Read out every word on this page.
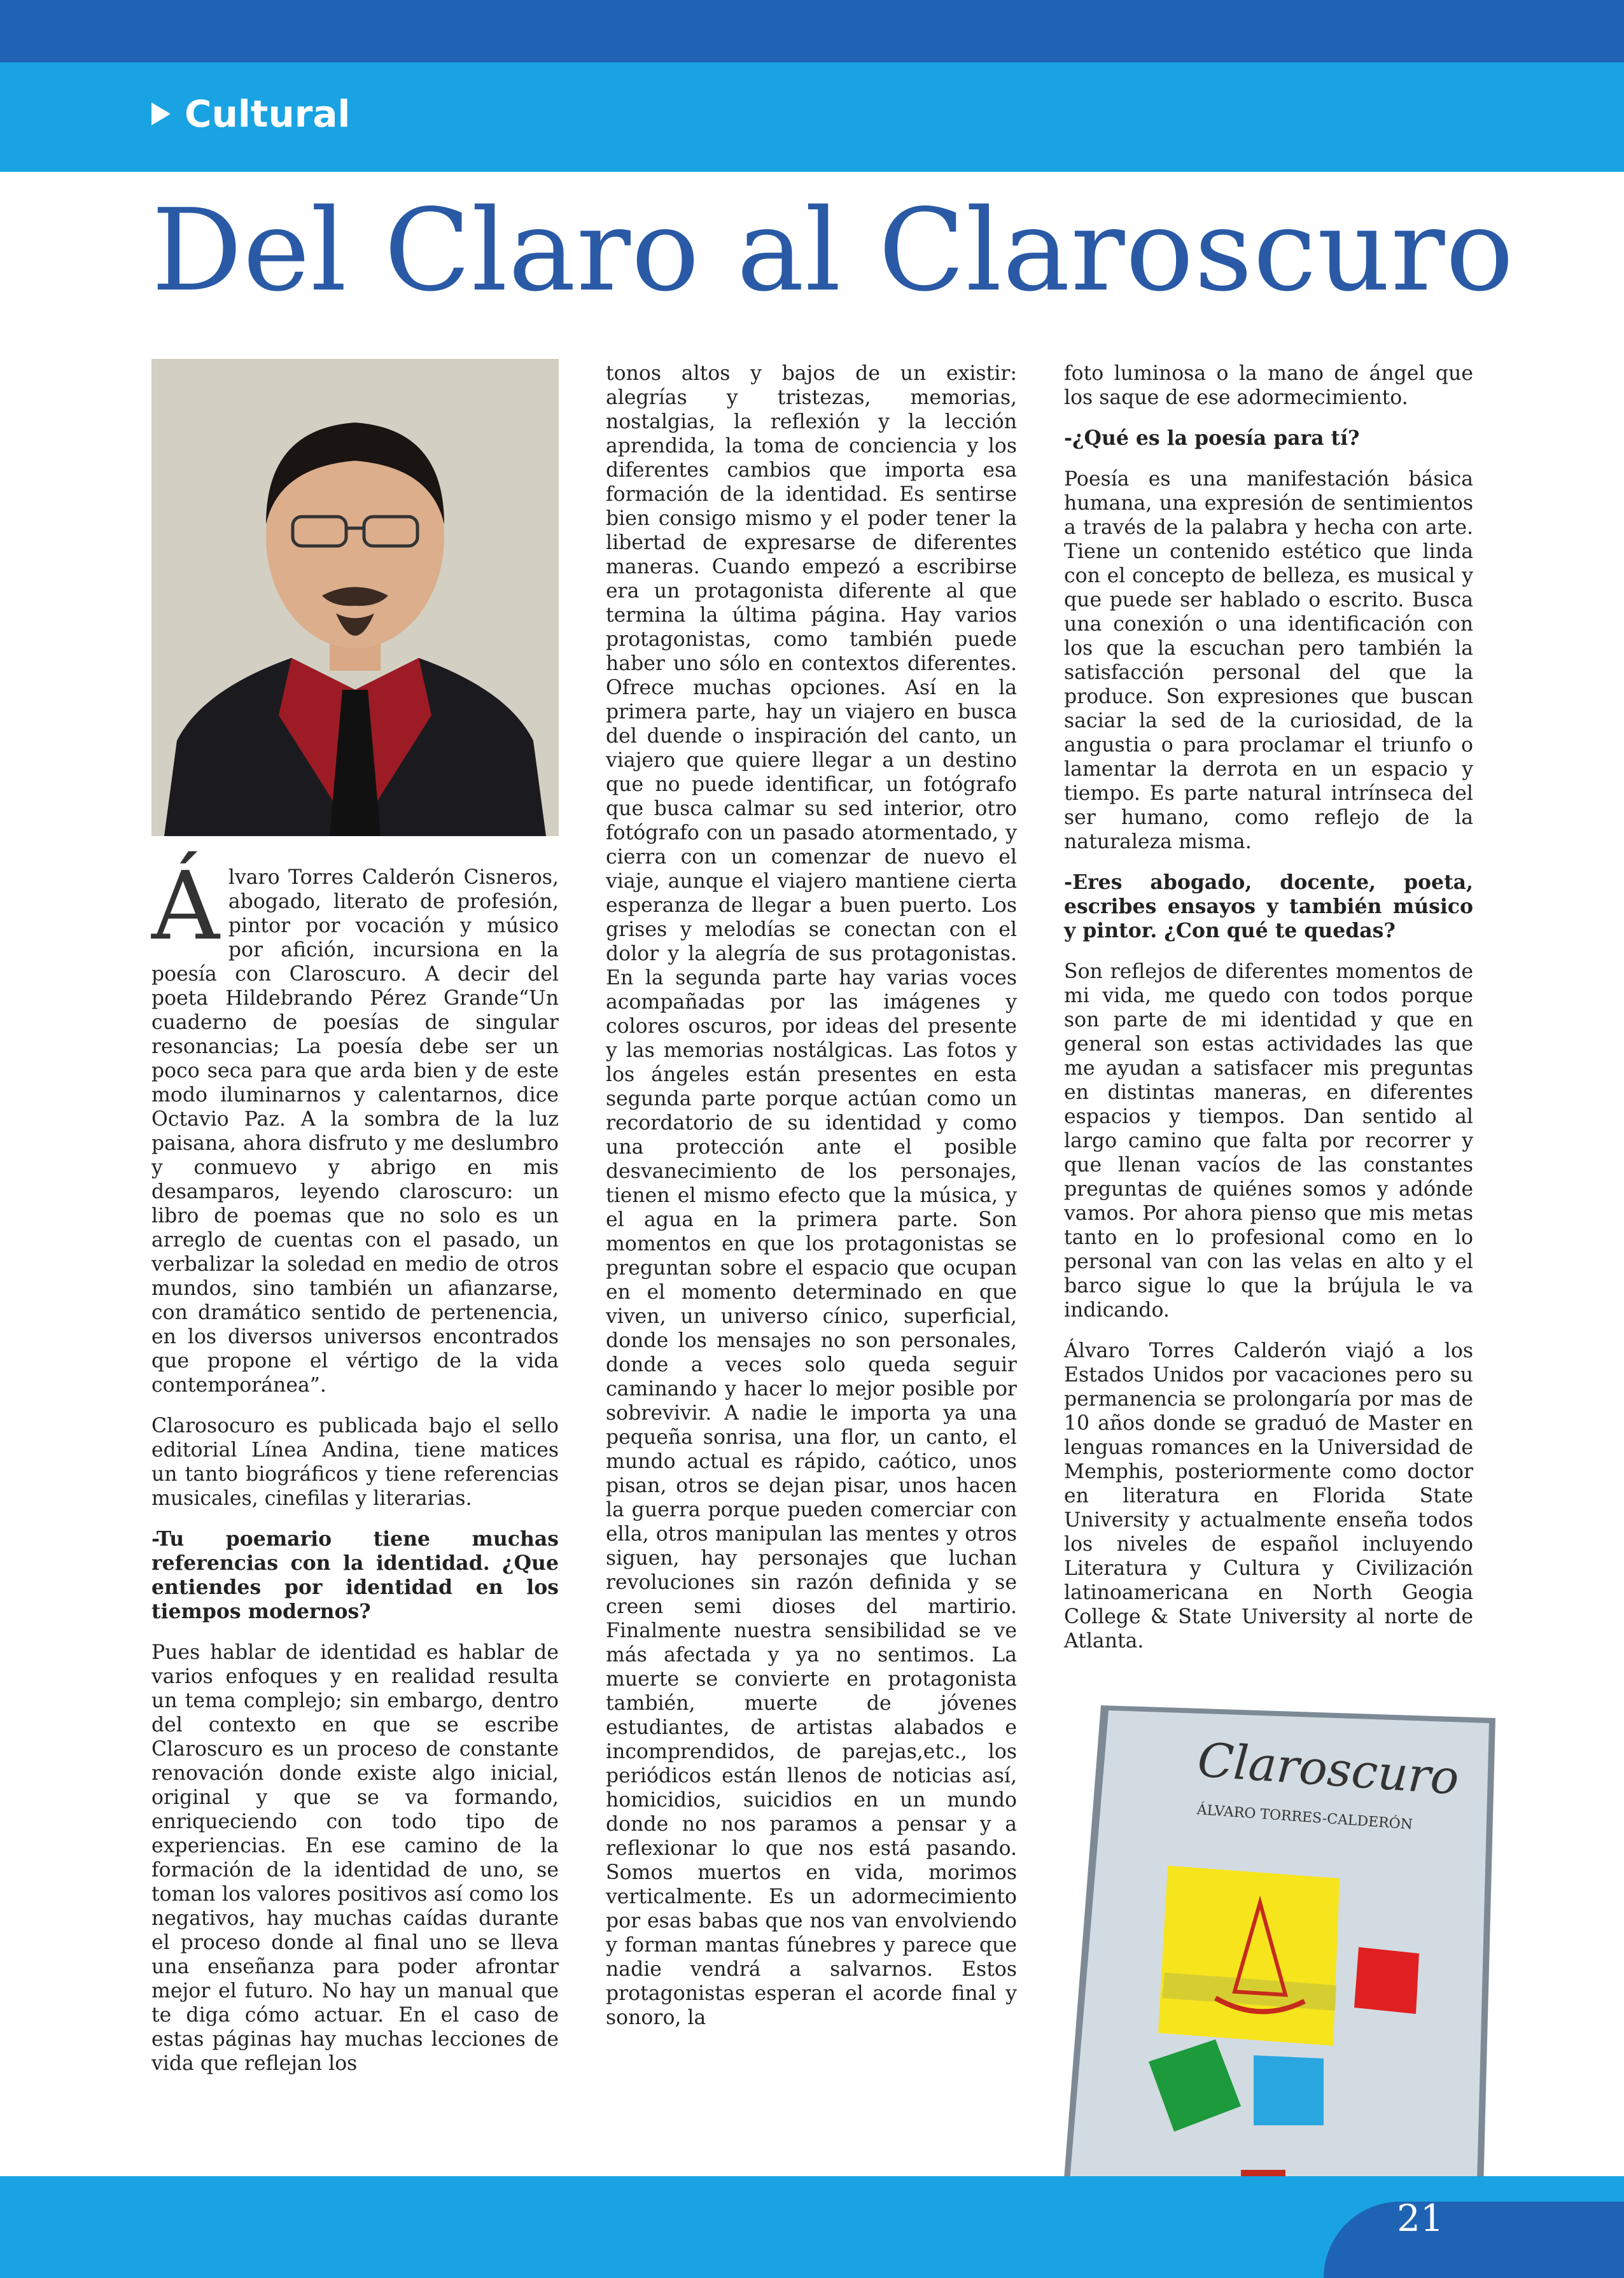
Cultural
Del Claro al Claroscuro

Álvaro Torres Calderón Cisneros, abogado, literato de profesión, pintor por vocación y músico por afición, incursiona en la poesía con Claroscuro. A decir del poeta Hildebrando Pérez Grande“Un cuaderno de poesías de singular resonancias; La poesía debe ser un poco seca para que arda bien y de este modo iluminarnos y calentarnos, dice Octavio Paz. A la sombra de la luz paisana, ahora disfruto y me deslumbro y conmuevo y abrigo en mis desamparos, leyendo claroscuro: un libro de poemas que no solo es un arreglo de cuentas con el pasado, un verbalizar la soledad en medio de otros mundos, sino también un afianzarse, con dramático sentido de pertenencia, en los diversos universos encontrados que propone el vértigo de la vida contemporánea”.

Clarosocuro es publicada bajo el sello editorial Línea Andina, tiene matices un tanto biográficos y tiene referencias musicales, cinefilas y literarias.

-Tu poemario tiene muchas referencias con la identidad. ¿Que entiendes por identidad en los tiempos modernos?

Pues hablar de identidad es hablar de varios enfoques y en realidad resulta un tema complejo; sin embargo, dentro del contexto en que se escribe Claroscuro es un proceso de constante renovación donde existe algo inicial, original y que se va formando, enriqueciendo con todo tipo de experiencias. En ese camino de la formación de la identidad de uno, se toman los valores positivos así como los negativos, hay muchas caídas durante el proceso donde al final uno se lleva una enseñanza para poder afrontar mejor el futuro. No hay un manual que te diga cómo actuar. En el caso de estas páginas hay muchas lecciones de vida que reflejan los

tonos altos y bajos de un existir: alegrías y tristezas, memorias, nostalgias, la reflexión y la lección aprendida, la toma de conciencia y los diferentes cambios que importa esa formación de la identidad. Es sentirse bien consigo mismo y el poder tener la libertad de expresarse de diferentes maneras. Cuando empezó a escribirse era un protagonista diferente al que termina la última página. Hay varios protagonistas, como también puede haber uno sólo en contextos diferentes. Ofrece muchas opciones. Así en la primera parte, hay un viajero en busca del duende o inspiración del canto, un viajero que quiere llegar a un destino que no puede identificar, un fotógrafo que busca calmar su sed interior, otro fotógrafo con un pasado atormentado, y cierra con un comenzar de nuevo el viaje, aunque el viajero mantiene cierta esperanza de llegar a buen puerto. Los grises y melodías se conectan con el dolor y la alegría de sus protagonistas. En la segunda parte hay varias voces acompañadas por las imágenes y colores oscuros, por ideas del presente y las memorias nostálgicas. Las fotos y los ángeles están presentes en esta segunda parte porque actúan como un recordatorio de su identidad y como una protección ante el posible desvanecimiento de los personajes, tienen el mismo efecto que la música, y el agua en la primera parte. Son momentos en que los protagonistas se preguntan sobre el espacio que ocupan en el momento determinado en que viven, un universo cínico, superficial, donde los mensajes no son personales, donde a veces solo queda seguir caminando y hacer lo mejor posible por sobrevivir. A nadie le importa ya una pequeña sonrisa, una flor, un canto, el mundo actual es rápido, caótico, unos pisan, otros se dejan pisar, unos hacen la guerra porque pueden comerciar con ella, otros manipulan las mentes y otros siguen, hay personajes que luchan revoluciones sin razón definida y se creen semi dioses del martirio. Finalmente nuestra sensibilidad se ve más afectada y ya no sentimos. La muerte se convierte en protagonista también, muerte de jóvenes estudiantes, de artistas alabados e incomprendidos, de parejas,etc., los periódicos están llenos de noticias así, homicidios, suicidios en un mundo donde no nos paramos a pensar y a reflexionar lo que nos está pasando. Somos muertos en vida, morimos verticalmente. Es un adormecimiento por esas babas que nos van envolviendo y forman mantas fúnebres y parece que nadie vendrá a salvarnos. Estos protagonistas esperan el acorde final y sonoro, la

foto luminosa o la mano de ángel que los saque de ese adormecimiento.

-¿Qué es la poesía para tí?

Poesía es una manifestación básica humana, una expresión de sentimientos a través de la palabra y hecha con arte. Tiene un contenido estético que linda con el concepto de belleza, es musical y que puede ser hablado o escrito. Busca una conexión o una identificación con los que la escuchan pero también la satisfacción personal del que la produce. Son expresiones que buscan saciar la sed de la curiosidad, de la angustia o para proclamar el triunfo o lamentar la derrota en un espacio y tiempo. Es parte natural intrínseca del ser humano, como reflejo de la naturaleza misma.

-Eres abogado, docente, poeta, escribes ensayos y también músico y pintor. ¿Con qué te quedas?

Son reflejos de diferentes momentos de mi vida, me quedo con todos porque son parte de mi identidad y que en general son estas actividades las que me ayudan a satisfacer mis preguntas en distintas maneras, en diferentes espacios y tiempos. Dan sentido al largo camino que falta por recorrer y que llenan vacíos de las constantes preguntas de quiénes somos y adónde vamos. Por ahora pienso que mis metas tanto en lo profesional como en lo personal van con las velas en alto y el barco sigue lo que la brújula le va indicando.

Álvaro Torres Calderón viajó a los Estados Unidos por vacaciones pero su permanencia se prolongaría por mas de 10 años donde se graduó de Master en lenguas romances en la Universidad de Memphis, posteriormente como doctor en literatura en Florida State University y actualmente enseña todos los niveles de español incluyendo Literatura y Cultura y Civilización latinoamericana en North Geogia College & State University al norte de Atlanta.

Claroscuro
ÁLVARO TORRES-CALDERÓN
21
